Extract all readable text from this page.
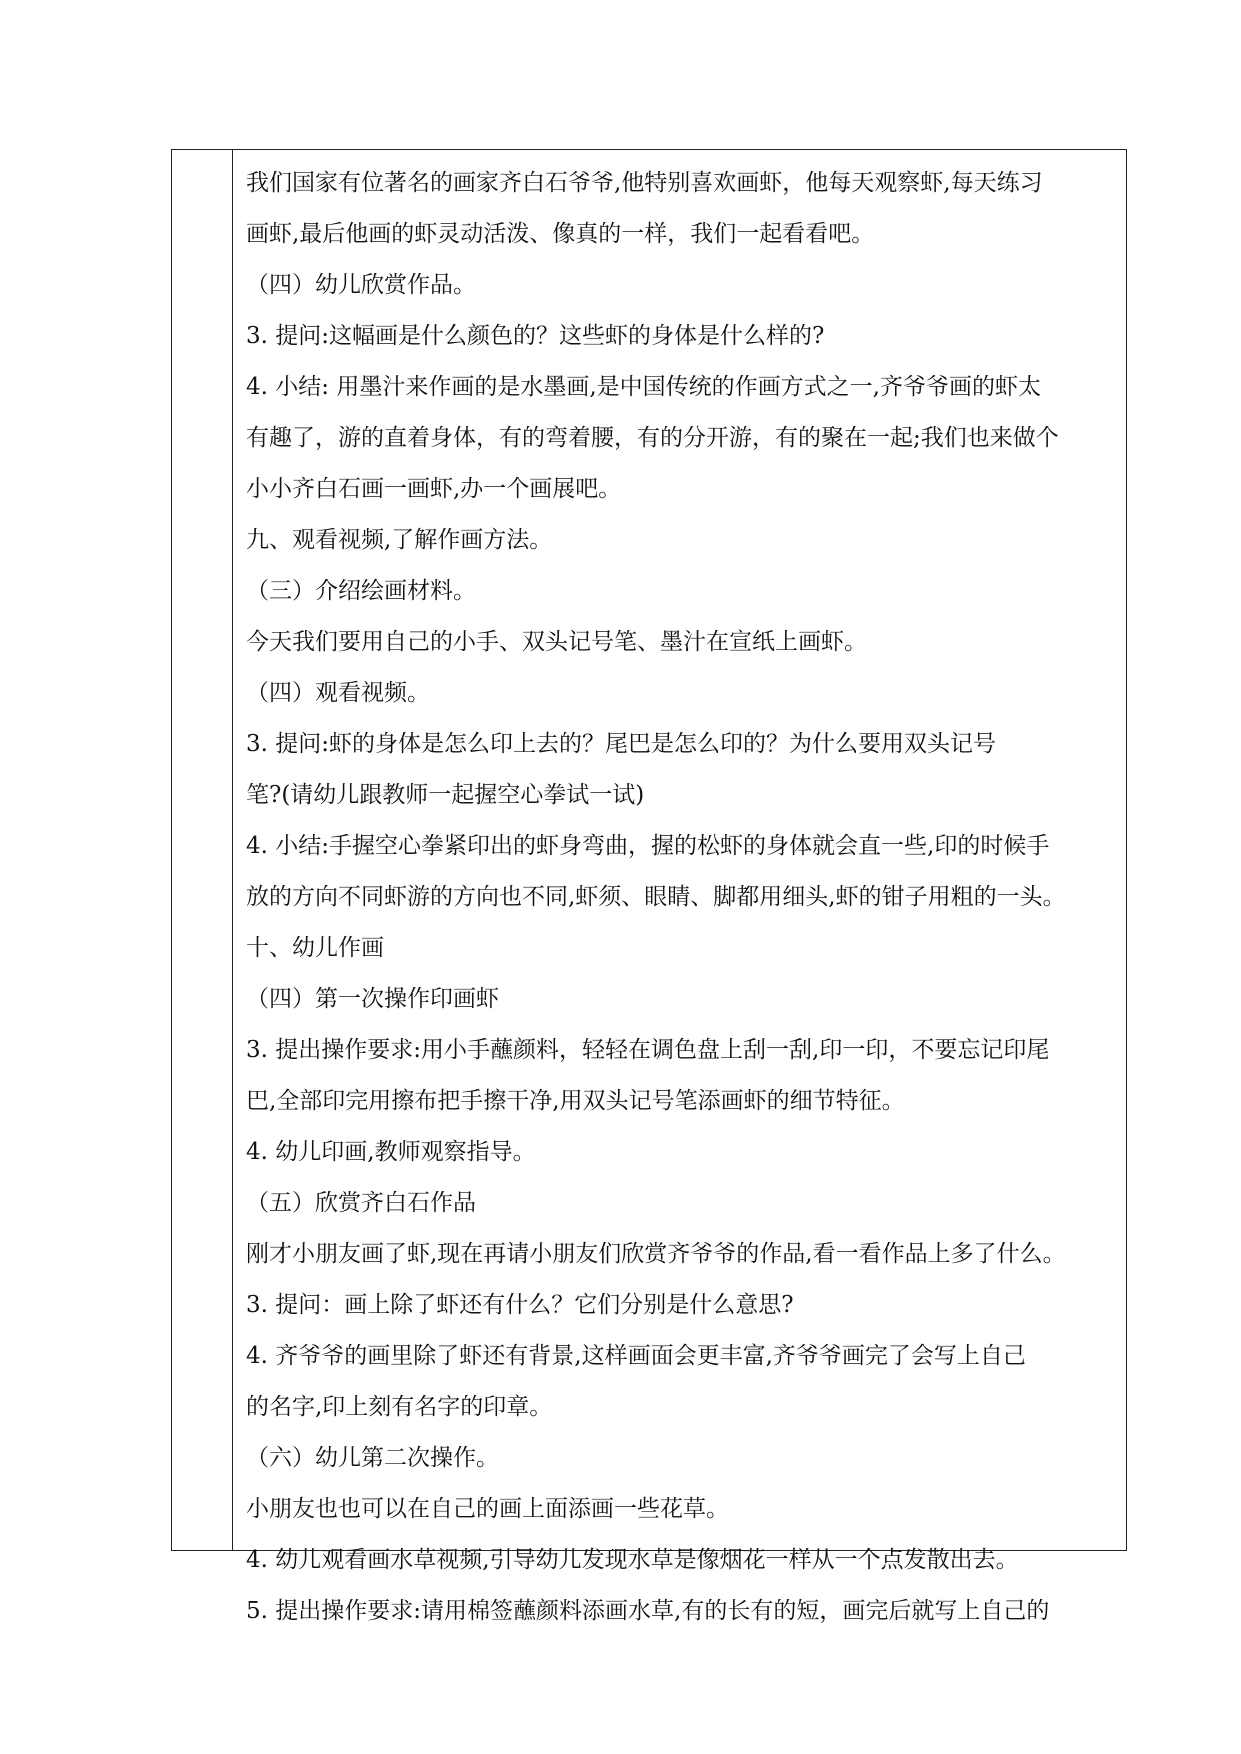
我们国家有位著名的画家齐白石爷爷,他特别喜欢画虾，他每天观察虾,每天练习
画虾,最后他画的虾灵动活泼、像真的一样，我们一起看看吧。
（四）幼儿欣赏作品。
3. 提问:这幅画是什么颜色的？这些虾的身体是什么样的?
4. 小结: 用墨汁来作画的是水墨画,是中国传统的作画方式之一,齐爷爷画的虾太
有趣了，游的直着身体，有的弯着腰，有的分开游，有的聚在一起;我们也来做个
小小齐白石画一画虾,办一个画展吧。
九、观看视频,了解作画方法。
（三）介绍绘画材料。
今天我们要用自己的小手、双头记号笔、墨汁在宣纸上画虾。
（四）观看视频。
3. 提问:虾的身体是怎么印上去的？尾巴是怎么印的？为什么要用双头记号
笔?(请幼儿跟教师一起握空心拳试一试)
4. 小结:手握空心拳紧印出的虾身弯曲，握的松虾的身体就会直一些,印的时候手
放的方向不同虾游的方向也不同,虾须、眼睛、脚都用细头,虾的钳子用粗的一头。
十、幼儿作画
（四）第一次操作印画虾
3. 提出操作要求:用小手蘸颜料，轻轻在调色盘上刮一刮,印一印，不要忘记印尾
巴,全部印完用擦布把手擦干净,用双头记号笔添画虾的细节特征。
4. 幼儿印画,教师观察指导。
（五）欣赏齐白石作品
刚才小朋友画了虾,现在再请小朋友们欣赏齐爷爷的作品,看一看作品上多了什么。
3. 提问：画上除了虾还有什么？它们分别是什么意思?
4. 齐爷爷的画里除了虾还有背景,这样画面会更丰富,齐爷爷画完了会写上自己
的名字,印上刻有名字的印章。
（六）幼儿第二次操作。
小朋友也也可以在自己的画上面添画一些花草。
4. 幼儿观看画水草视频,引导幼儿发现水草是像烟花一样从一个点发散出去。
5. 提出操作要求:请用棉签蘸颜料添画水草,有的长有的短，画完后就写上自己的
